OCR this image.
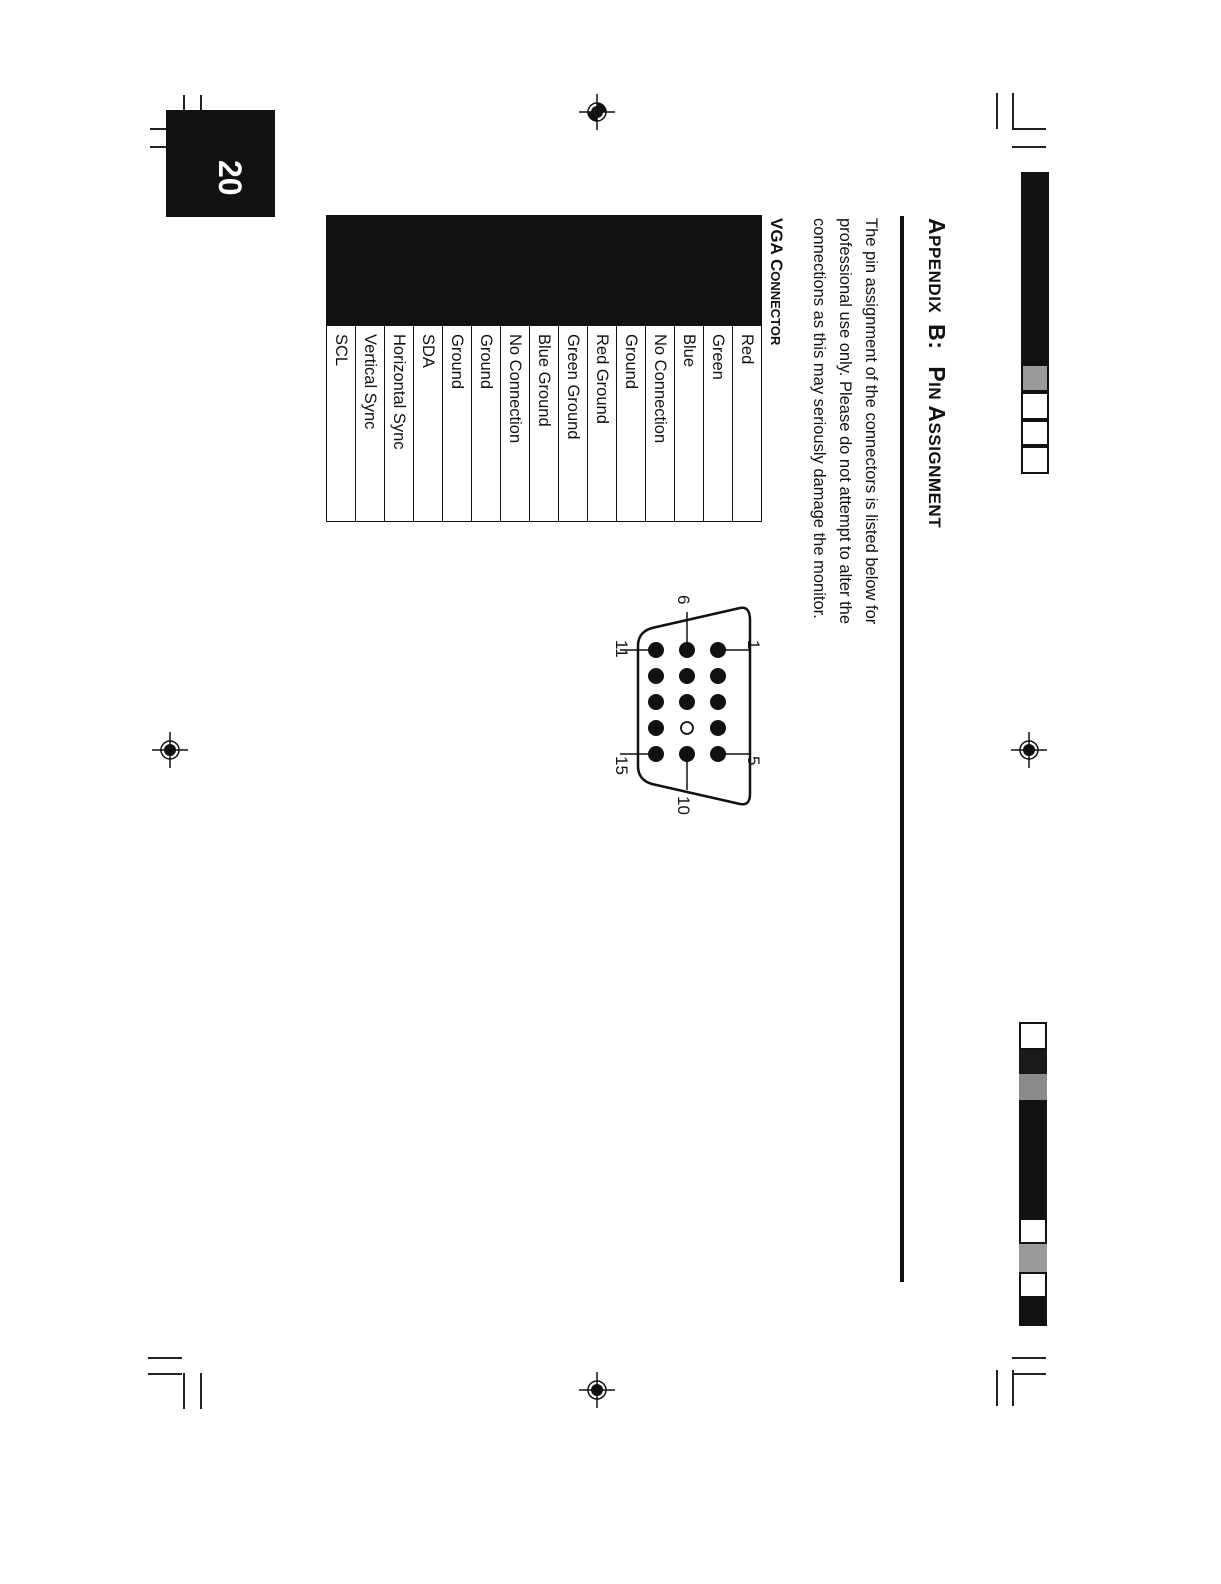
APPENDIX B: PIN ASSIGNMENT
The pin assignment of the connectors is listed below for
professional use only. Please do not attempt to alter the
connections as this may seriously damage the monitor.
VGA CONNECTOR
	Red
	Green
	Blue
	No Connection
	Ground
	Red Ground
	Green Ground
	Blue Ground
	No Connection
	Ground
	Ground
	SDA
	Horizontal Sync
	Vertical Sync
	SCL
1
5
6
10
11
15
20
